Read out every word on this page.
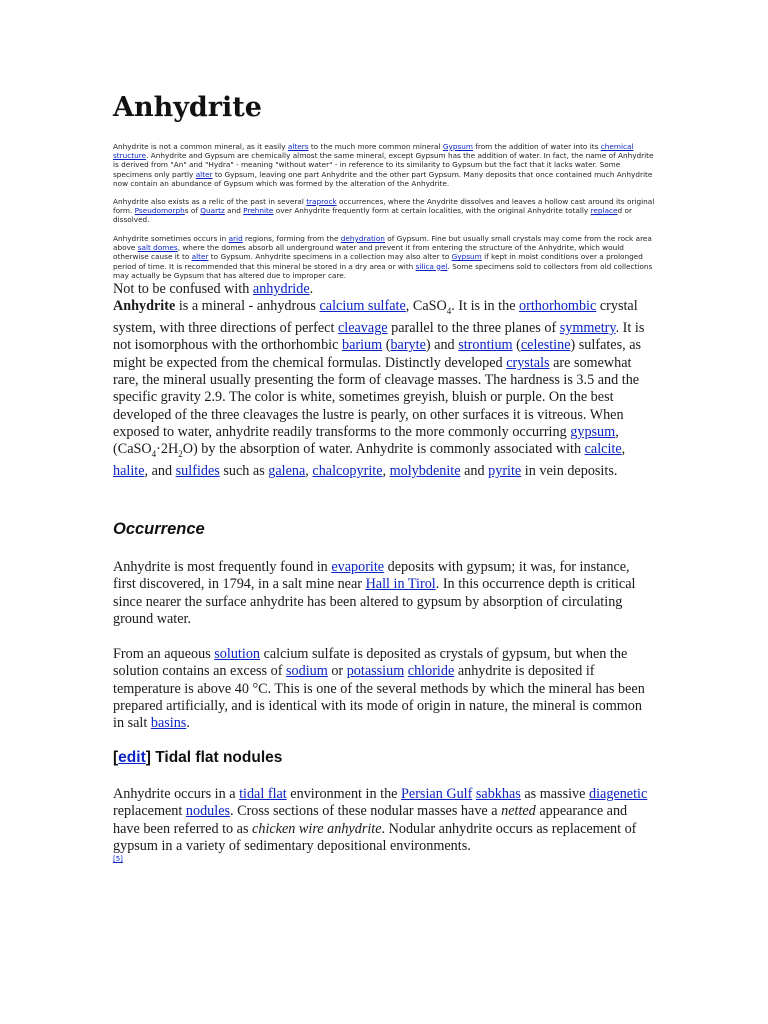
Anhydrite

Anhydrite is not a common mineral, as it easily alters to the much more common mineral Gypsum from the addition of water into its chemical structure. Anhydrite and Gypsum are chemically almost the same mineral, except Gypsum has the addition of water. In fact, the name of Anhydrite is derived from "An" and "Hydra" - meaning "without water" - in reference to its similarity to Gypsum but the fact that it lacks water. Some specimens only partly alter to Gypsum, leaving one part Anhydrite and the other part Gypsum. Many deposits that once contained much Anhydrite now contain an abundance of Gypsum which was formed by the alteration of the Anhydrite.

Anhydrite also exists as a relic of the past in several traprock occurrences, where the Anydrite dissolves and leaves a hollow cast around its original form. Pseudomorphs of Quartz and Prehnite over Anhydrite frequently form at certain localities, with the original Anhydrite totally replaced or dissolved.

Anhydrite sometimes occurs in arid regions, forming from the dehydration of Gypsum. Fine but usually small crystals may come from the rock area above salt domes, where the domes absorb all underground water and prevent it from entering the structure of the Anhydrite, which would otherwise cause it to alter to Gypsum. Anhydrite specimens in a collection may also alter to Gypsum if kept in moist conditions over a prolonged period of time. It is recommended that this mineral be stored in a dry area or with silica gel. Some specimens sold to collectors from old collections may actually be Gypsum that has altered due to improper care.

Not to be confused with anhydride.

Anhydrite is a mineral - anhydrous calcium sulfate, CaSO$_4$. It is in the orthorhombic crystal system, with three directions of perfect cleavage parallel to the three planes of symmetry. It is not isomorphous with the orthorhombic barium (baryte) and strontium (celestine) sulfates, as might be expected from the chemical formulas. Distinctly developed crystals are somewhat rare, the mineral usually presenting the form of cleavage masses. The hardness is 3.5 and the specific gravity 2.9. The color is white, sometimes greyish, bluish or purple. On the best developed of the three cleavages the lustre is pearly, on other surfaces it is vitreous. When exposed to water, anhydrite readily transforms to the more commonly occurring gypsum, $(CaSO_4\cdot 2H_2O)$ by the absorption of water. Anhydrite is commonly associated with calcite, halite, and sulfides such as galena, chalcopyrite, molybdenite and pyrite in vein deposits.

Occurrence

Anhydrite is most frequently found in evaporite deposits with gypsum; it was, for instance, first discovered, in 1794, in a salt mine near Hall in Tirol. In this occurrence depth is critical since nearer the surface anhydrite has been altered to gypsum by absorption of circulating ground water.

From an aqueous solution calcium sulfate is deposited as crystals of gypsum, but when the solution contains an excess of sodium or potassium chloride anhydrite is deposited if temperature is above 40 °C. This is one of the several methods by which the mineral has been prepared artificially, and is identical with its mode of origin in nature, the mineral is common in salt basins.

[edit] Tidal flat nodules

Anhydrite occurs in a tidal flat environment in the Persian Gulf sabkhas as massive diagenetic replacement nodules. Cross sections of these nodular masses have a netted appearance and have been referred to as chicken wire anhydrite. Nodular anhydrite occurs as replacement of gypsum in a variety of sedimentary depositional environments.

[5]
